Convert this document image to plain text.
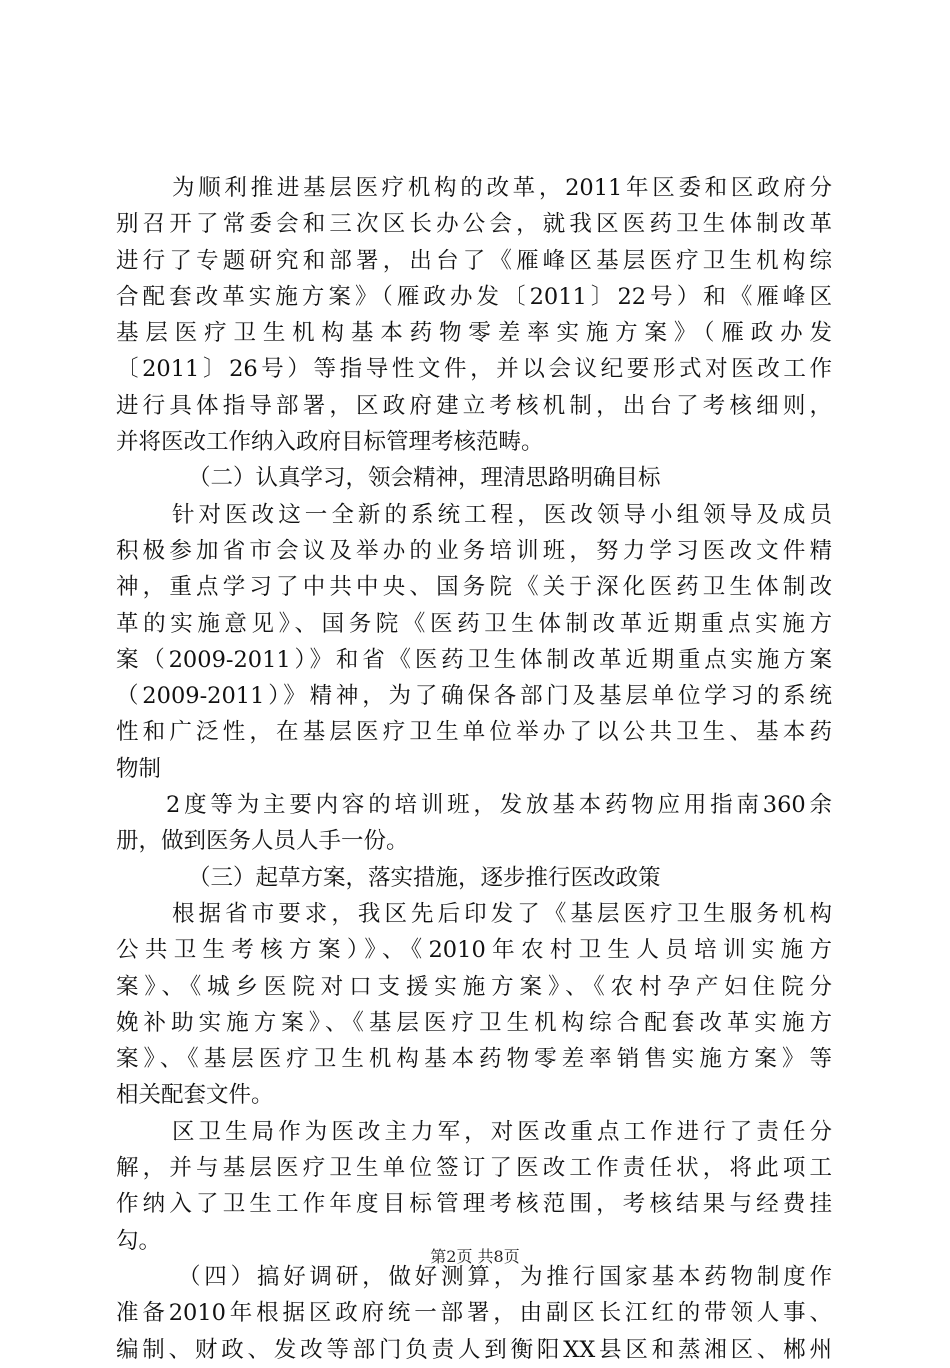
为顺利推进基层医疗机构的改革，2011年区委和区政府分
别召开了常委会和三次区长办公会，就我区医药卫生体制改革
进行了专题研究和部署，出台了《雁峰区基层医疗卫生机构综
合配套改革实施方案》（雁政办发〔2011〕22号）和《雁峰区
基层医疗卫生机构基本药物零差率实施方案》（雁政办发
〔2011〕26号）等指导性文件，并以会议纪要形式对医改工作
进行具体指导部署，区政府建立考核机制，出台了考核细则，
并将医改工作纳入政府目标管理考核范畴。
（二）认真学习，领会精神，理清思路明确目标
针对医改这一全新的系统工程，医改领导小组领导及成员
积极参加省市会议及举办的业务培训班，努力学习医改文件精
神，重点学习了中共中央、国务院《关于深化医药卫生体制改
革的实施意见》、国务院《医药卫生体制改革近期重点实施方
案（2009-2011）》和省《医药卫生体制改革近期重点实施方案
（2009-2011）》精神，为了确保各部门及基层单位学习的系统
性和广泛性，在基层医疗卫生单位举办了以公共卫生、基本药
物制
2度等为主要内容的培训班，发放基本药物应用指南360余
册，做到医务人员人手一份。
（三）起草方案，落实措施，逐步推行医改政策
根据省市要求，我区先后印发了《基层医疗卫生服务机构
公共卫生考核方案）》、《2010年农村卫生人员培训实施方
案》、《城乡医院对口支援实施方案》、《农村孕产妇住院分
娩补助实施方案》、《基层医疗卫生机构综合配套改革实施方
案》、《基层医疗卫生机构基本药物零差率销售实施方案》等
相关配套文件。
区卫生局作为医改主力军，对医改重点工作进行了责任分
解，并与基层医疗卫生单位签订了医改工作责任状，将此项工
作纳入了卫生工作年度目标管理考核范围，考核结果与经费挂
勾。
（四）搞好调研，做好测算，为推行国家基本药物制度作
准备2010年根据区政府统一部署，由副区长江红的带领人事、
编制、财政、发改等部门负责人到衡阳XX县区和蒸湘区、郴州
第2页 共8页
